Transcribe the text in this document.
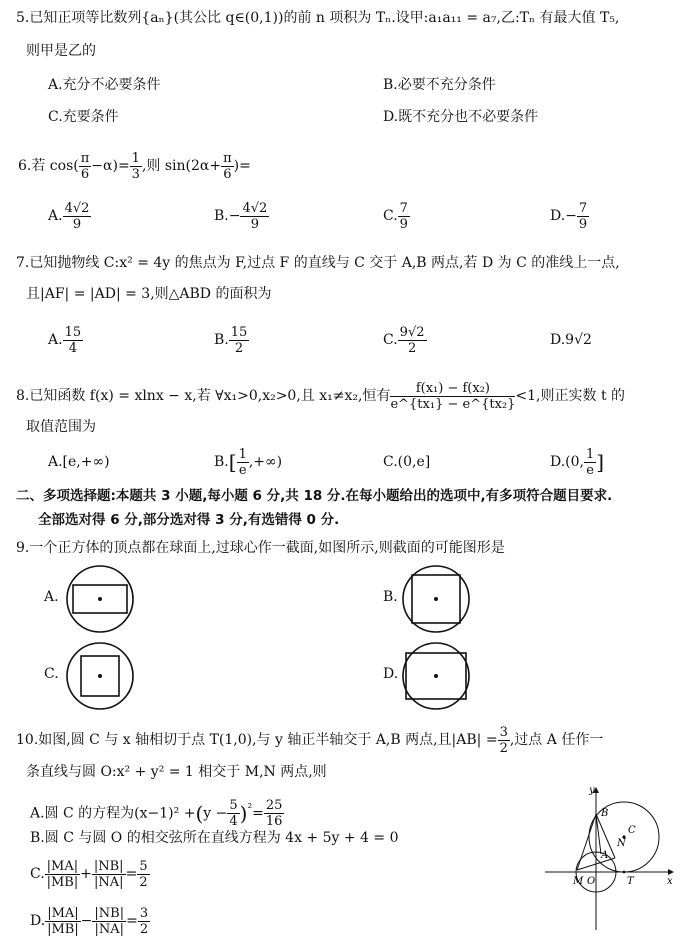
5.已知正项等比数列{aₙ}(其公比 q∈(0,1))的前 n 项积为 Tₙ.设甲:a₁a₁₁ = a₇,乙:Tₙ 有最大值 T₅,
则甲是乙的
A.充分不必要条件	B.必要不充分条件
C.充要条件	D.既不充分也不必要条件
6.若 $\cos( \frac{\pi}{6} -\alpha)= \frac{1}{3}$ ,则 $\sin(2\alpha+ \frac{\pi}{6}$ )=
A. $\frac{4√2}{9}$	$B.- \frac{4√2}{9}$	C. $\frac{7}{9}$	$D.- \frac{7}{9}$
7.已知抛物线 C:x² = 4y 的焦点为 F,过点 F 的直线与 C 交于 A,B 两点,若 D 为 C 的准线上一点,
且|AF| = |AD| = 3,则△ABD 的面积为
A. $\frac{15}{4}$	B. $\frac{15}{2}$	C. $\frac{9√2}{2}$	D.9√2
8.已知函数 f(x) = xlnx − x,若 ∀x₁>0,x₂>0,且 x₁≠x₂,恒有 $\frac{\text{f(x₁) − f(x₂)}}{\text{e\textasciicircum{}\{tx₁\} − e\textasciicircum{}\{tx₂\}}} <1$,则正实数 t 的
取值范围为
A.[e,+∞)	$B.[ \frac{1}{e}$ ,+∞)	C.(0,e]	D.(0, $\frac{1}{e}$ ]
二、多项选择题:本题共 3 小题,每小题 6 分,共 18 分.在每小题给出的选项中,有多项符合题目要求.
全部选对得 6 分,部分选对得 3 分,有选错得 0 分.
9.一个正方体的顶点都在球面上,过球心作一截面,如图所示,则截面的可能图形是
A.	B.
C.	D.
10.如图,圆 C 与 x 轴相切于点 T(1,0),与 y 轴正半轴交于 A,B 两点,且$|AB| = \frac{3}{2}$ ,过点 A 任作一
条直线与圆 O:x² + y² = 1 相交于 M,N 两点,则
A.圆 C 的方程为$(x-1)^2 +(y - \frac{5}{4} )^{^2}= \frac{25}{16}$
B.圆 C 与圆 O 的相交弦所在直线方程为 4x + 5y + 4 = 0
C. $\frac{|MA|}{|MB|} + \frac{|NB|}{|NA|} = \frac{5}{2}$
D. $\frac{|MA|}{|MB|} - \frac{|NB|}{|NA|} = \frac{3}{2}$
y
x
B
C
N
A
M O	T
